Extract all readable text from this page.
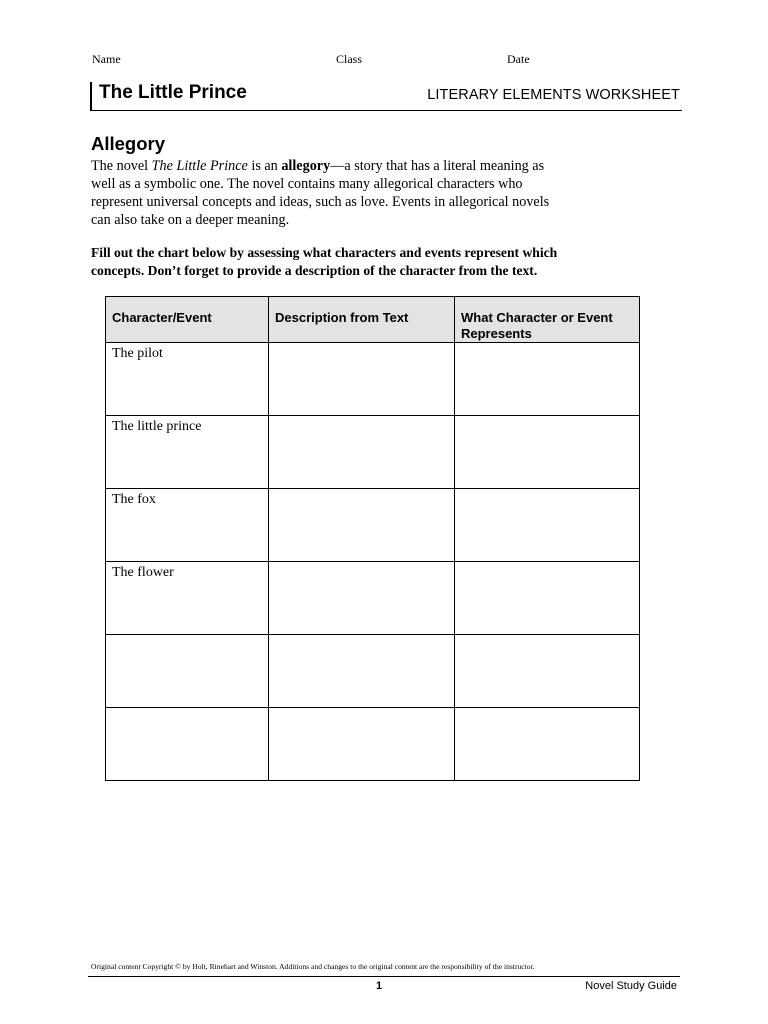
Name	Class	Date
The Little Prince	LITERARY ELEMENTS WORKSHEET
Allegory
The novel The Little Prince is an allegory—a story that has a literal meaning as well as a symbolic one. The novel contains many allegorical characters who represent universal concepts and ideas, such as love. Events in allegorical novels can also take on a deeper meaning.
Fill out the chart below by assessing what characters and events represent which concepts. Don’t forget to provide a description of the character from the text.
Character/Event	Description from Text	What Character or Event Represents
The pilot		
The little prince		
The fox		
The flower		

Original content Copyright © by Holt, Rinehart and Winston. Additions and changes to the original content are the responsibility of the instructor.
1	Novel Study Guide
